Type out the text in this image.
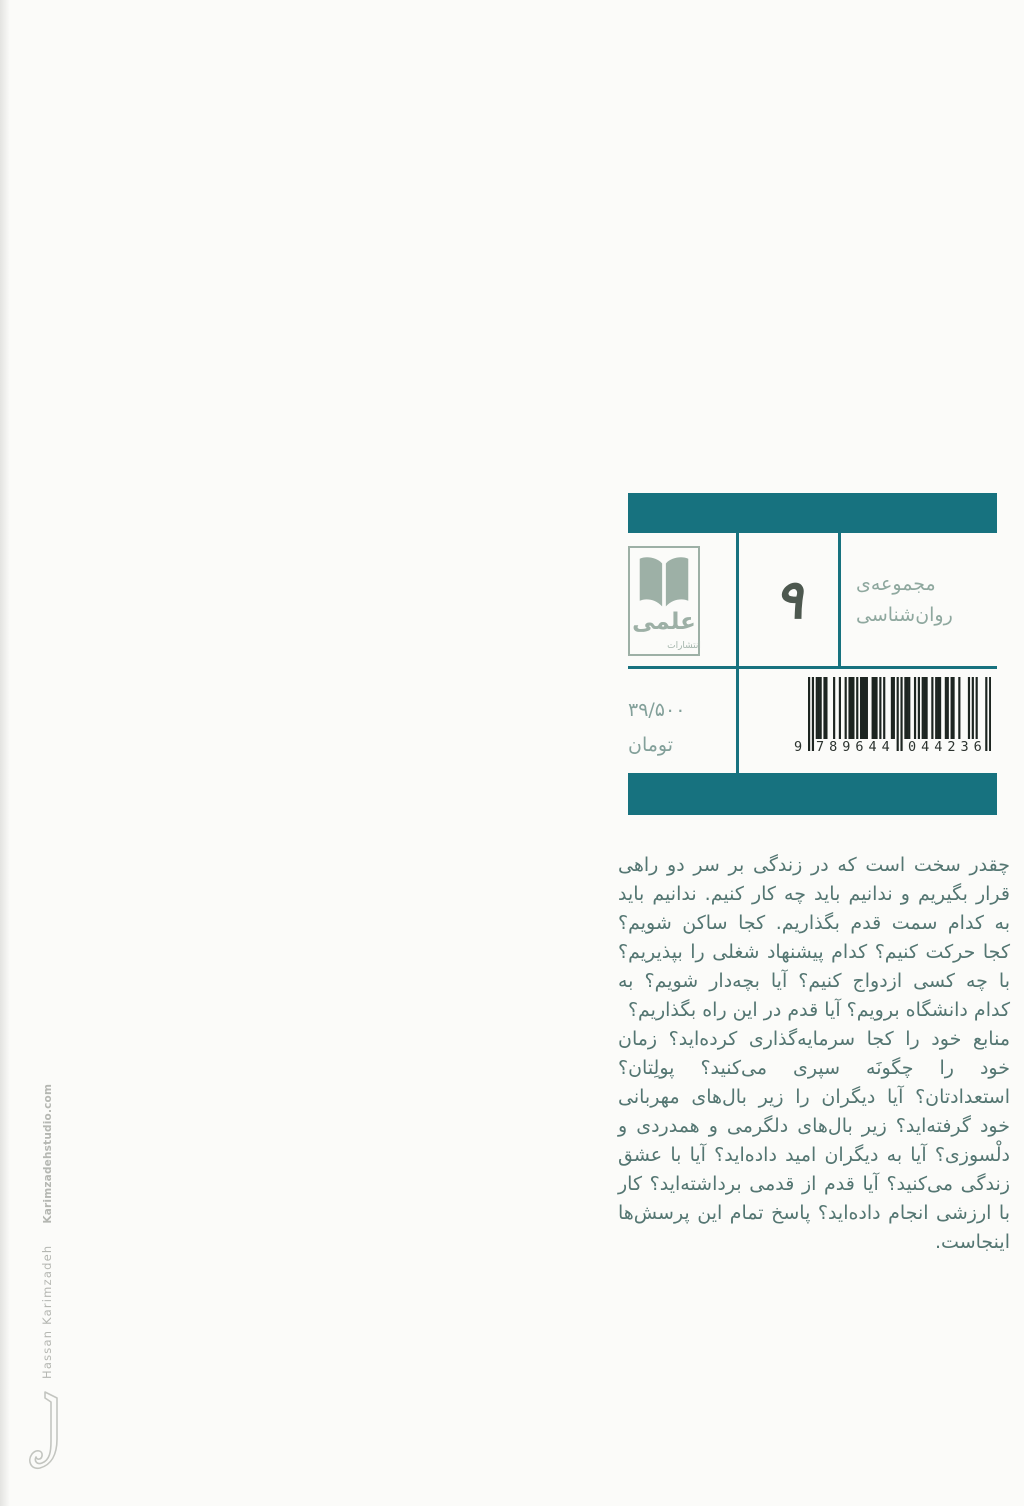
علمی
انتشارات
۹	مجموعه‌ی
روان‌شناسی
۳۹/۵۰۰
تومان	9 789644 044236

چقدر سخت است که در زندگی بر سر دو راهی قرار بگیریم و ندانیم باید چه کار کنیم. ندانیم باید به کدام سمت قدم بگذاریم. کجا ساکن شویم؟ کجا حرکت کنیم؟ کدام پیشنهاد شغلی را بپذیریم؟ با چه کسی ازدواج کنیم؟ آیا بچه‌دار شویم؟ به کدام دانشگاه برویم؟ آیا قدم در این راه بگذاریم؟

منابع خود را کجا سرمایه‌گذاری کرده‌اید؟ زمان خود را چگونَه سپری می‌کنید؟ پولِتان؟ استعدادتان؟ آیا دیگران را زیر بال‌های مهربانی خود گرفته‌اید؟ زیر بال‌های دلگرمی و همدردی و دلْسوزی؟ آیا به دیگران امید داده‌اید؟ آیا با عشق زندگی می‌کنید؟ آیا قدم از قدمی برداشته‌اید؟ کار با ارزشی انجام داده‌اید؟ پاسخ تمام این پرسش‌ها اینجاست.

Hassan Karimzadeh Karimzadehstudio.com
